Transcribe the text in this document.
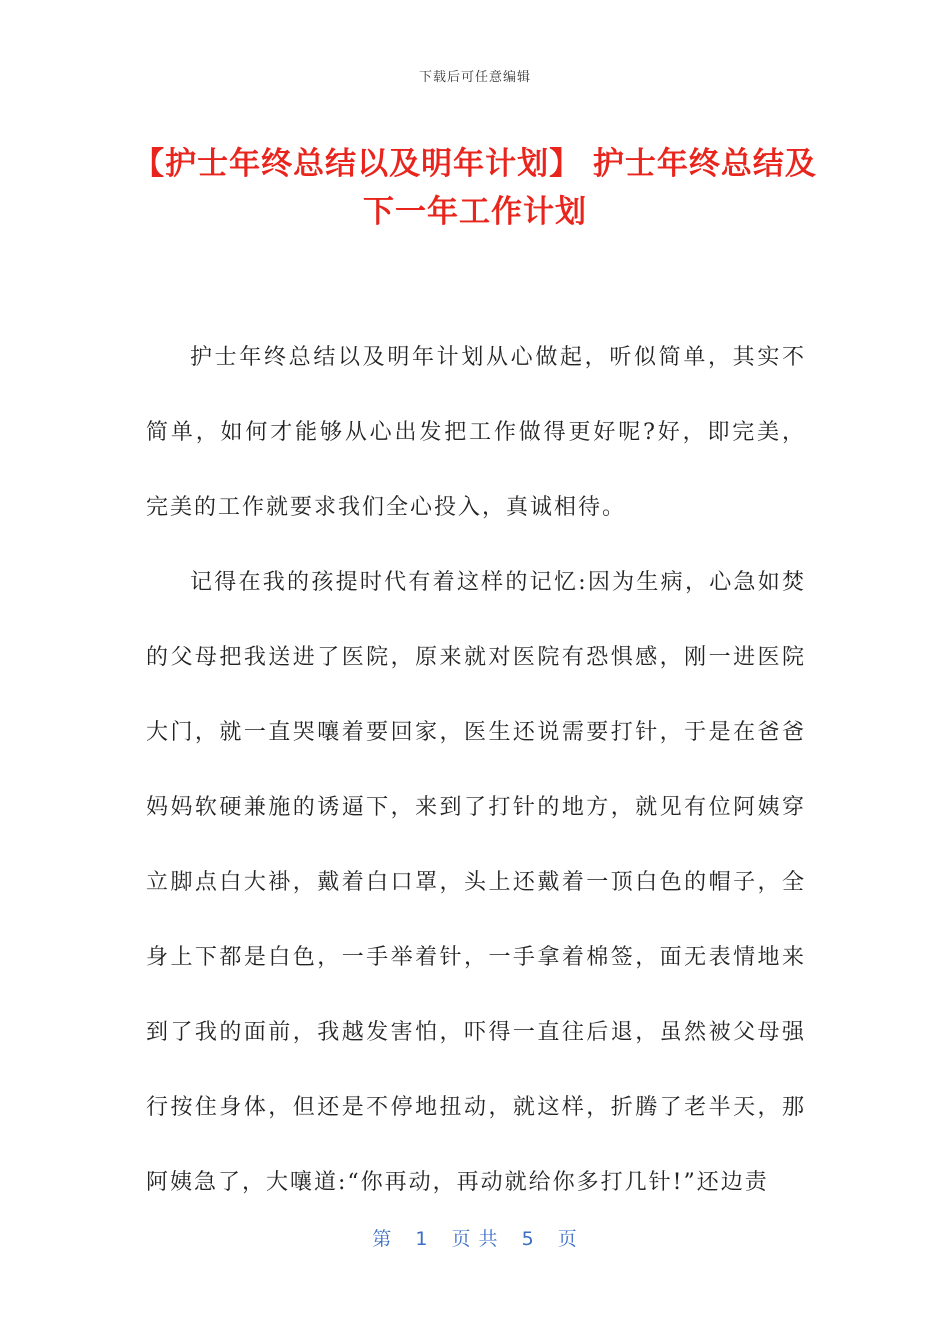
下载后可任意编辑
【护士年终总结以及明年计划】 护士年终总结及下一年工作计划

护士年终总结以及明年计划从心做起，听似简单，其实不简单，如何才能够从心出发把工作做得更好呢?好，即完美，完美的工作就要求我们全心投入，真诚相待。

记得在我的孩提时代有着这样的记忆:因为生病，心急如焚的父母把我送进了医院，原来就对医院有恐惧感，刚一进医院大门，就一直哭嚷着要回家，医生还说需要打针，于是在爸爸妈妈软硬兼施的诱逼下，来到了打针的地方，就见有位阿姨穿立脚点白大褂，戴着白口罩，头上还戴着一顶白色的帽子，全身上下都是白色，一手举着针，一手拿着棉签，面无表情地来到了我的面前，我越发害怕，吓得一直往后退，虽然被父母强行按住身体，但还是不停地扭动，就这样，折腾了老半天，那阿姨急了，大嚷道:“你再动，再动就给你多打几针!”还边责

第 1 页 共 5 页
